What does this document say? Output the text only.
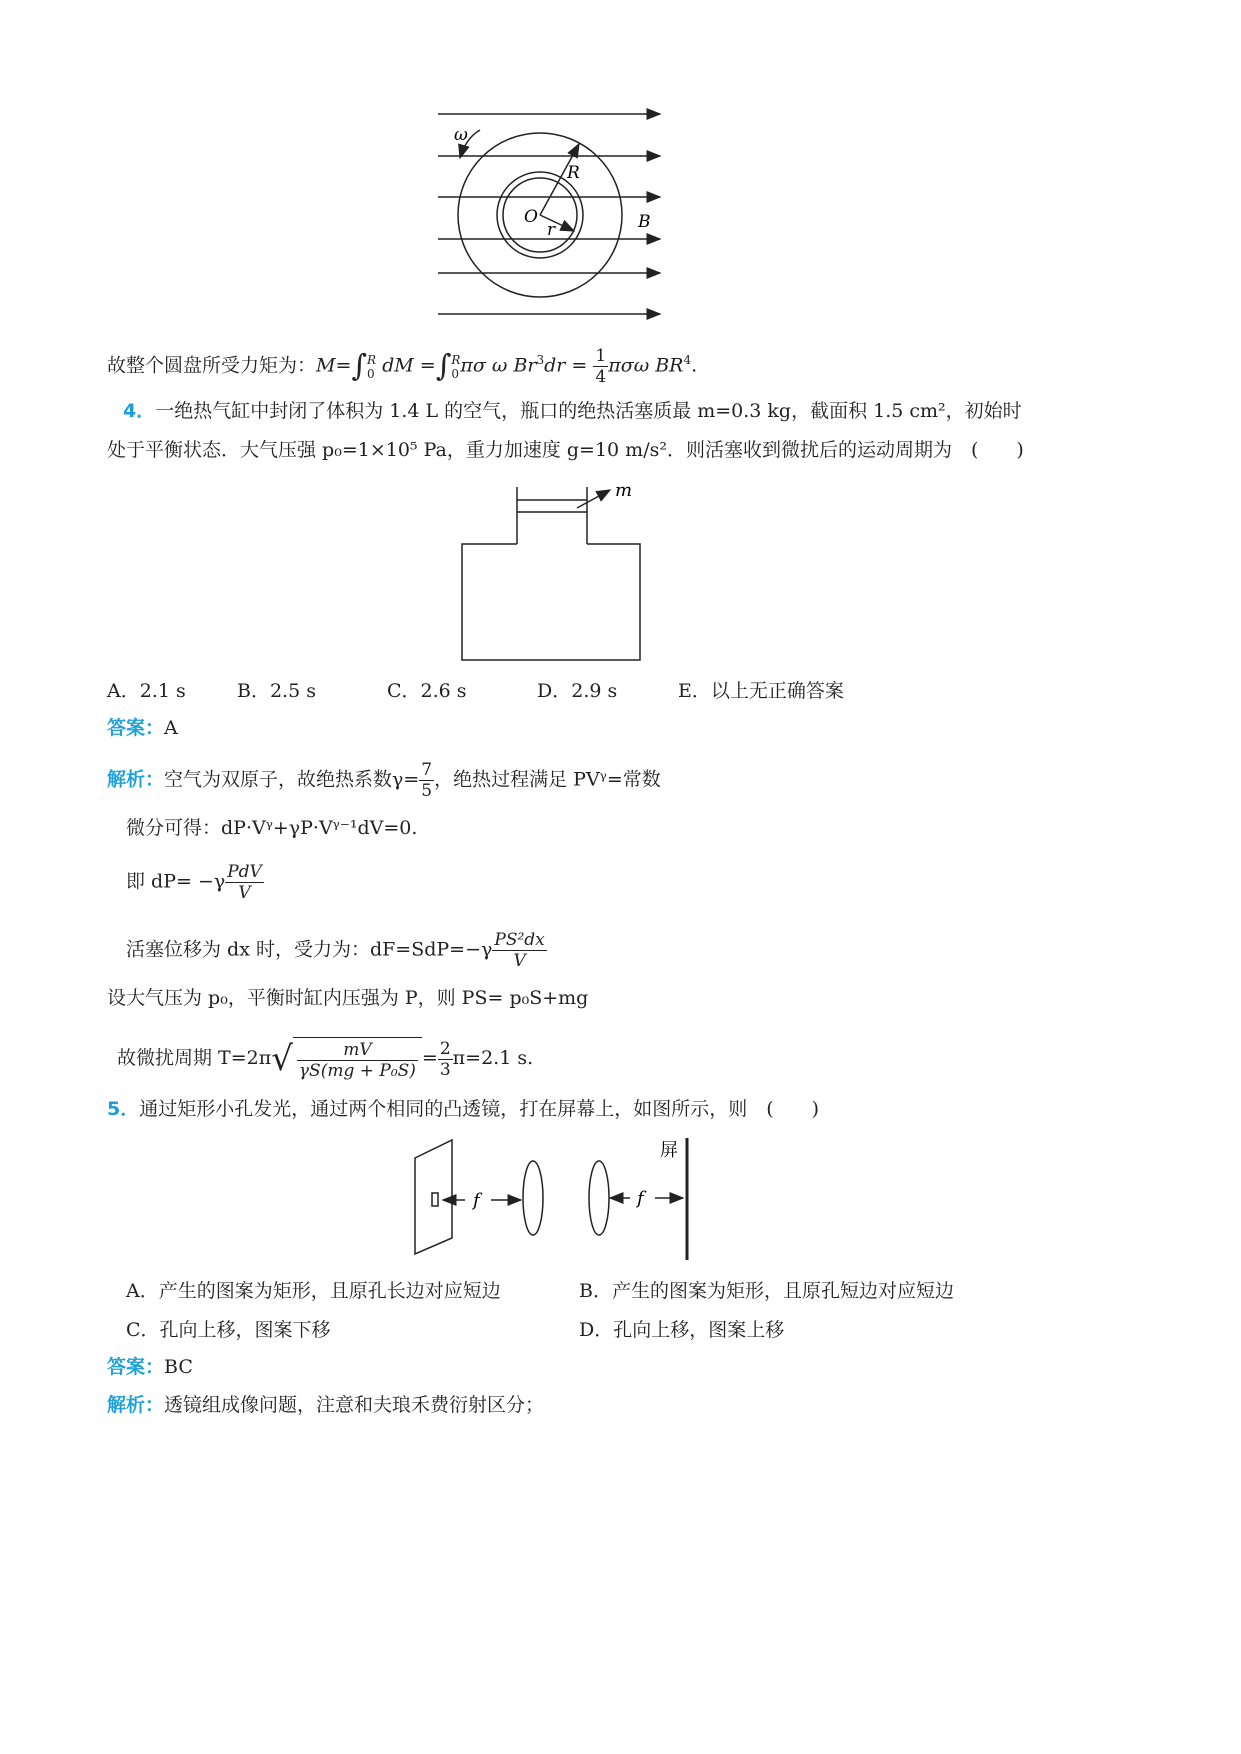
ω
R
O
r	B
故整个圆盘所受力矩为：M=∫ R
0 dM =∫ R
0 πσ ω $Br^3dr = \frac{1}{4}$ πσω $BR^4$.
4．一绝热气缸中封闭了体积为 1.4 L 的空气，瓶口的绝热活塞质最 m=0.3 kg，截面积 1.5 cm²，初始时
处于平衡状态．大气压强 p₀=1×10⁵ Pa，重力加速度 g=10 m/s²．则活塞收到微扰后的运动周期为　(　　)
m
A．2.1 s	B．2.5 s	C．2.6 s	D．2.9 s	E．以上无正确答案
答案：A
解析：空气为双原子，故绝热系数$\gamma= \frac{7}{5}$ ，绝热过程满足 PVᵞ=常数
微分可得：dP·Vᵞ+γP·Vᵞ⁻¹dV=0.
即 $dP= -\gamma \frac{\text{PdV}}{V}$
活塞位移为 dx 时，受力为：$dF=SdP=-\gamma \frac{\text{PS²dx}}{V}$
设大气压为 p₀，平衡时缸内压强为 P，则 PS= p₀S+mg
故微扰周期 $T=2\pi√ \frac{mV}{\text{γS(mg + P₀S)}} = \frac{2}{3} \pi=2.1$ s.
5．通过矩形小孔发光，通过两个相同的凸透镜，打在屏幕上，如图所示，则　(　　)
f	f
屏
A．产生的图案为矩形，且原孔长边对应短边	B．产生的图案为矩形，且原孔短边对应短边
C．孔向上移，图案下移	D．孔向上移，图案上移
答案：BC
解析：透镜组成像问题，注意和夫琅禾费衍射区分；
